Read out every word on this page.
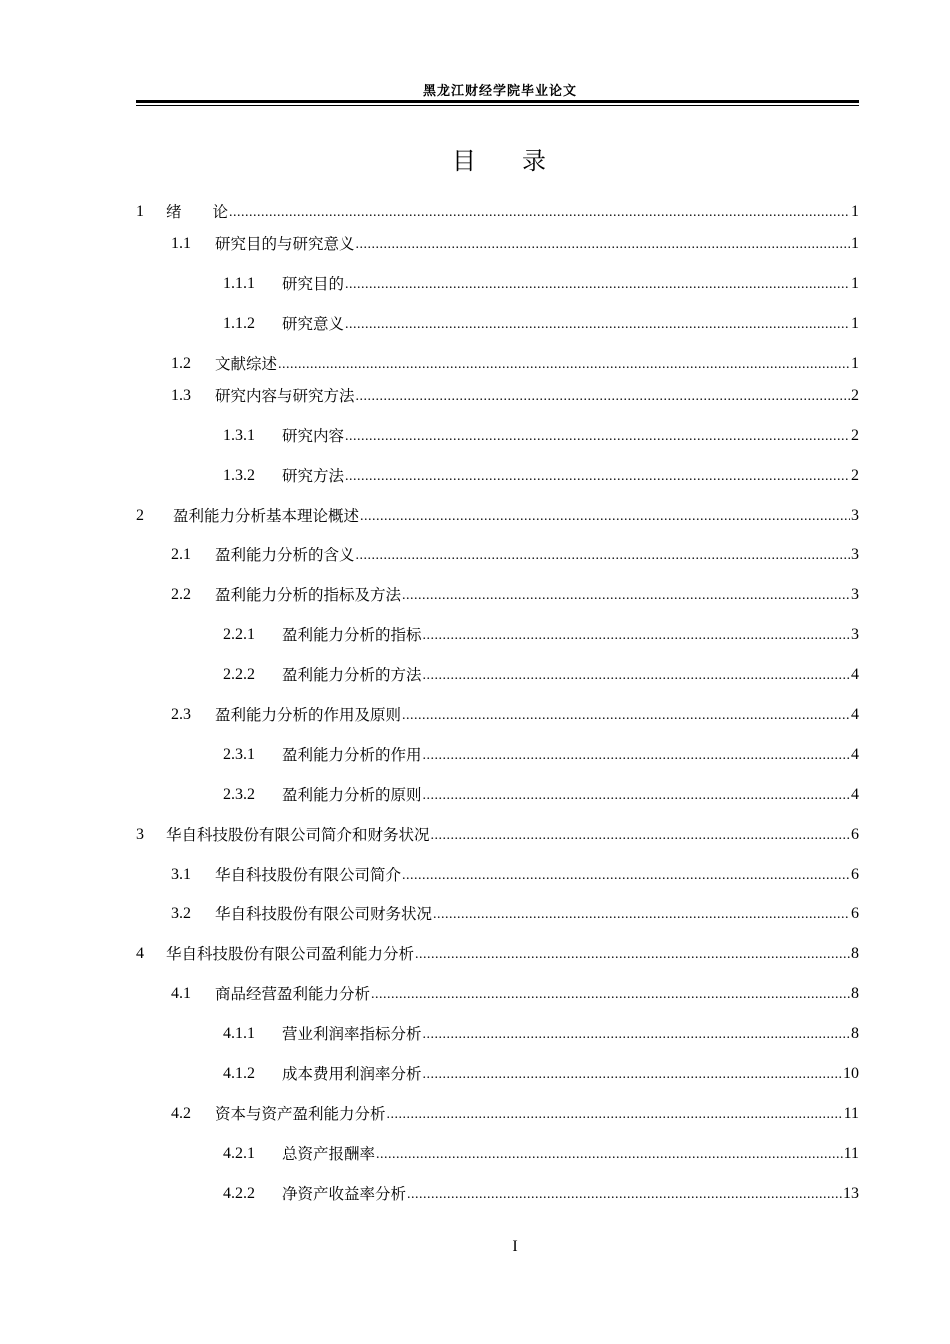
黑龙江财经学院毕业论文
目 录
1	绪　　论 .....	1
1.1	研究目的与研究意义 .....	1
1.1.1	研究目的 .....	1
1.1.2	研究意义 .....	1
1.2	文献综述 .....	1
1.3	研究内容与研究方法 .....	2
1.3.1	研究内容 .....	2
1.3.2	研究方法 .....	2
2	盈利能力分析基本理论概述 .....	3
2.1	盈利能力分析的含义 .....	3
2.2	盈利能力分析的指标及方法 .....	3
2.2.1	盈利能力分析的指标 .....	3
2.2.2	盈利能力分析的方法 .....	4
2.3	盈利能力分析的作用及原则 .....	4
2.3.1	盈利能力分析的作用 .....	4
2.3.2	盈利能力分析的原则 .....	4
3	华自科技股份有限公司简介和财务状况 .....	6
3.1	华自科技股份有限公司简介 .....	6
3.2	华自科技股份有限公司财务状况 .....	6
4	华自科技股份有限公司盈利能力分析 .....	8
4.1	商品经营盈利能力分析 .....	8
4.1.1	营业利润率指标分析 .....	8
4.1.2	成本费用利润率分析 .....	10
4.2	资本与资产盈利能力分析 .....	11
4.2.1	总资产报酬率 .....	11
4.2.2	净资产收益率分析 .....	13
I
